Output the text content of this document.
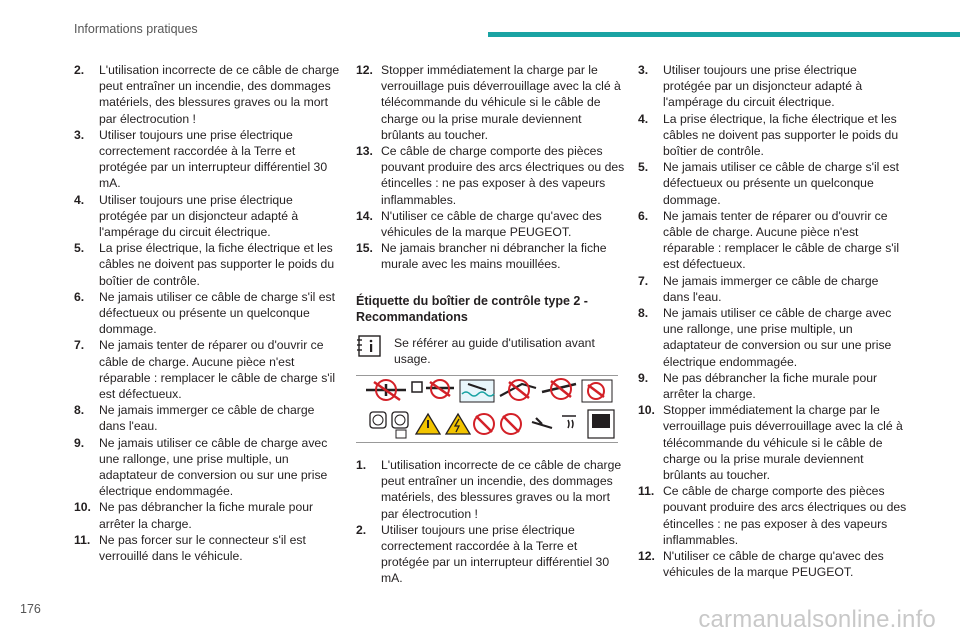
Informations pratiques
2.	L'utilisation incorrecte de ce câble de charge peut entraîner un incendie, des dommages matériels, des blessures graves ou la mort par électrocution !
3.	Utiliser toujours une prise électrique correctement raccordée à la Terre et protégée par un interrupteur différentiel 30 mA.
4.	Utiliser toujours une prise électrique protégée par un disjoncteur adapté à l'ampérage du circuit électrique.
5.	La prise électrique, la fiche électrique et les câbles ne doivent pas supporter le poids du boîtier de contrôle.
6.	Ne jamais utiliser ce câble de charge s'il est défectueux ou présente un quelconque dommage.
7.	Ne jamais tenter de réparer ou d'ouvrir ce câble de charge. Aucune pièce n'est réparable : remplacer le câble de charge s'il est défectueux.
8.	Ne jamais immerger ce câble de charge dans l'eau.
9.	Ne jamais utiliser ce câble de charge avec une rallonge, une prise multiple, un adaptateur de conversion ou sur une prise électrique endommagée.
10. Ne pas débrancher la fiche murale pour arrêter la charge.
11. Ne pas forcer sur le connecteur s'il est verrouillé dans le véhicule.
12. Stopper immédiatement la charge par le verrouillage puis déverrouillage avec la clé à télécommande du véhicule si le câble de charge ou la prise murale deviennent brûlants au toucher.
13. Ce câble de charge comporte des pièces pouvant produire des arcs électriques ou des étincelles : ne pas exposer à des vapeurs inflammables.
14. N'utiliser ce câble de charge qu'avec des véhicules de la marque PEUGEOT.
15. Ne jamais brancher ni débrancher la fiche murale avec les mains mouillées.
Étiquette du boîtier de contrôle type 2 - Recommandations
Se référer au guide d'utilisation avant usage.
1.	L'utilisation incorrecte de ce câble de charge peut entraîner un incendie, des dommages matériels, des blessures graves ou la mort par électrocution !
2.	Utiliser toujours une prise électrique correctement raccordée à la Terre et protégée par un interrupteur différentiel 30 mA.
3.	Utiliser toujours une prise électrique protégée par un disjoncteur adapté à l'ampérage du circuit électrique.
4.	La prise électrique, la fiche électrique et les câbles ne doivent pas supporter le poids du boîtier de contrôle.
5.	Ne jamais utiliser ce câble de charge s'il est défectueux ou présente un quelconque dommage.
6.	Ne jamais tenter de réparer ou d'ouvrir ce câble de charge. Aucune pièce n'est réparable : remplacer le câble de charge s'il est défectueux.
7.	Ne jamais immerger ce câble de charge dans l'eau.
8.	Ne jamais utiliser ce câble de charge avec une rallonge, une prise multiple, un adaptateur de conversion ou sur une prise électrique endommagée.
9.	Ne pas débrancher la fiche murale pour arrêter la charge.
10. Stopper immédiatement la charge par le verrouillage puis déverrouillage avec la clé à télécommande du véhicule si le câble de charge ou la prise murale deviennent brûlants au toucher.
11. Ce câble de charge comporte des pièces pouvant produire des arcs électriques ou des étincelles : ne pas exposer à des vapeurs inflammables.
12. N'utiliser ce câble de charge qu'avec des véhicules de la marque PEUGEOT.
176	carmanualsonline.info
